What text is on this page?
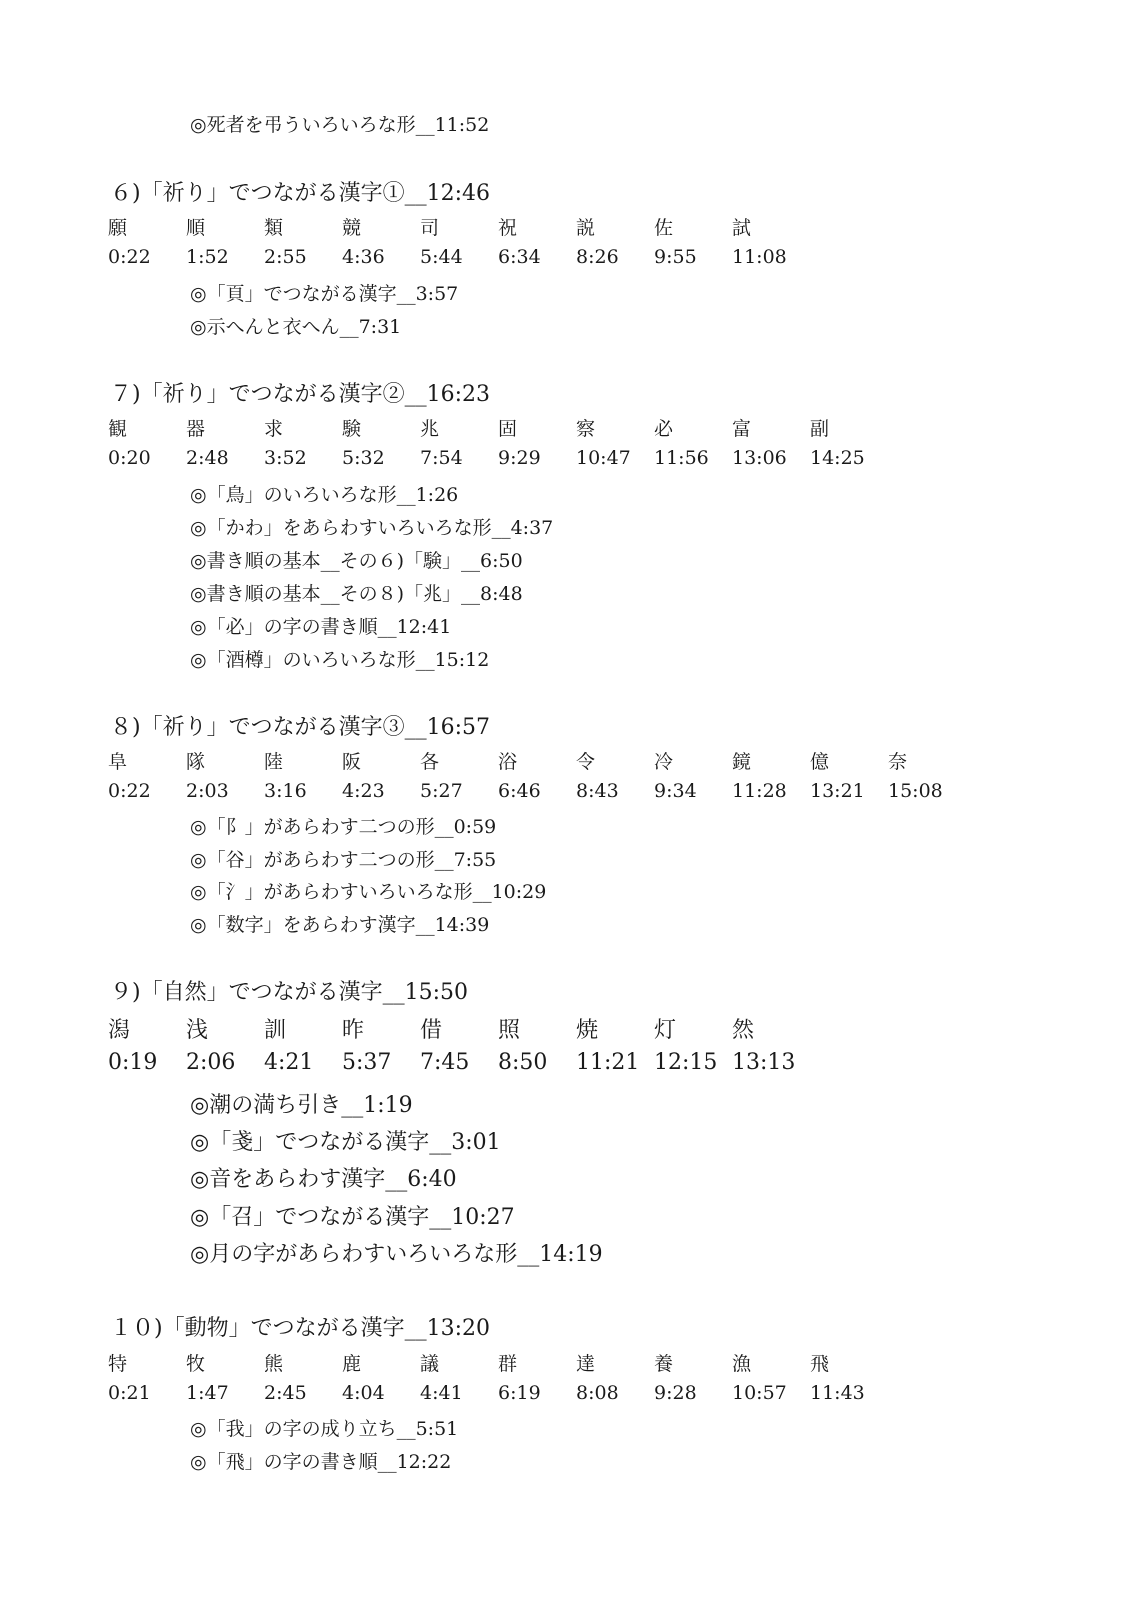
◎死者を弔ういろいろな形__11:52
６)「祈り」でつながる漢字①__12:46
願	順	類	競	司	祝	説	佐	試
0:22 1:52 2:55 4:36 5:44 6:34 8:26 9:55 11:08
◎「頁」でつながる漢字__3:57
◎示へんと衣へん__7:31
７)「祈り」でつながる漢字②__16:23
観	器	求	験	兆	固	察	必	富	副
0:20 2:48 3:52 5:32 7:54 9:29 10:47 11:56 13:06 14:25
◎「鳥」のいろいろな形__1:26
◎「かわ」をあらわすいろいろな形__4:37
◎書き順の基本__その６)「験」__6:50
◎書き順の基本__その８)「兆」__8:48
◎「必」の字の書き順__12:41
◎「酒樽」のいろいろな形__15:12
８)「祈り」でつながる漢字③__16:57
阜	隊	陸	阪	各	浴	令	冷	鏡	億	奈
0:22 2:03 3:16 4:23 5:27 6:46 8:43 9:34 11:28 13:21 15:08
◎「阝」があらわす二つの形__0:59
◎「谷」があらわす二つの形__7:55
◎「氵」があらわすいろいろな形__10:29
◎「数字」をあらわす漢字__14:39
９)「自然」でつながる漢字__15:50
潟	浅	訓	昨	借	照	焼	灯	然
0:19 2:06 4:21 5:37 7:45 8:50 11:21 12:15 13:13
◎潮の満ち引き__1:19
◎「戔」でつながる漢字__3:01
◎音をあらわす漢字__6:40
◎「召」でつながる漢字__10:27
◎月の字があらわすいろいろな形__14:19
１０)「動物」でつながる漢字__13:20
特	牧	熊	鹿	議	群	達	養	漁	飛
0:21 1:47 2:45 4:04 4:41 6:19 8:08 9:28 10:57 11:43
◎「我」の字の成り立ち__5:51
◎「飛」の字の書き順__12:22
